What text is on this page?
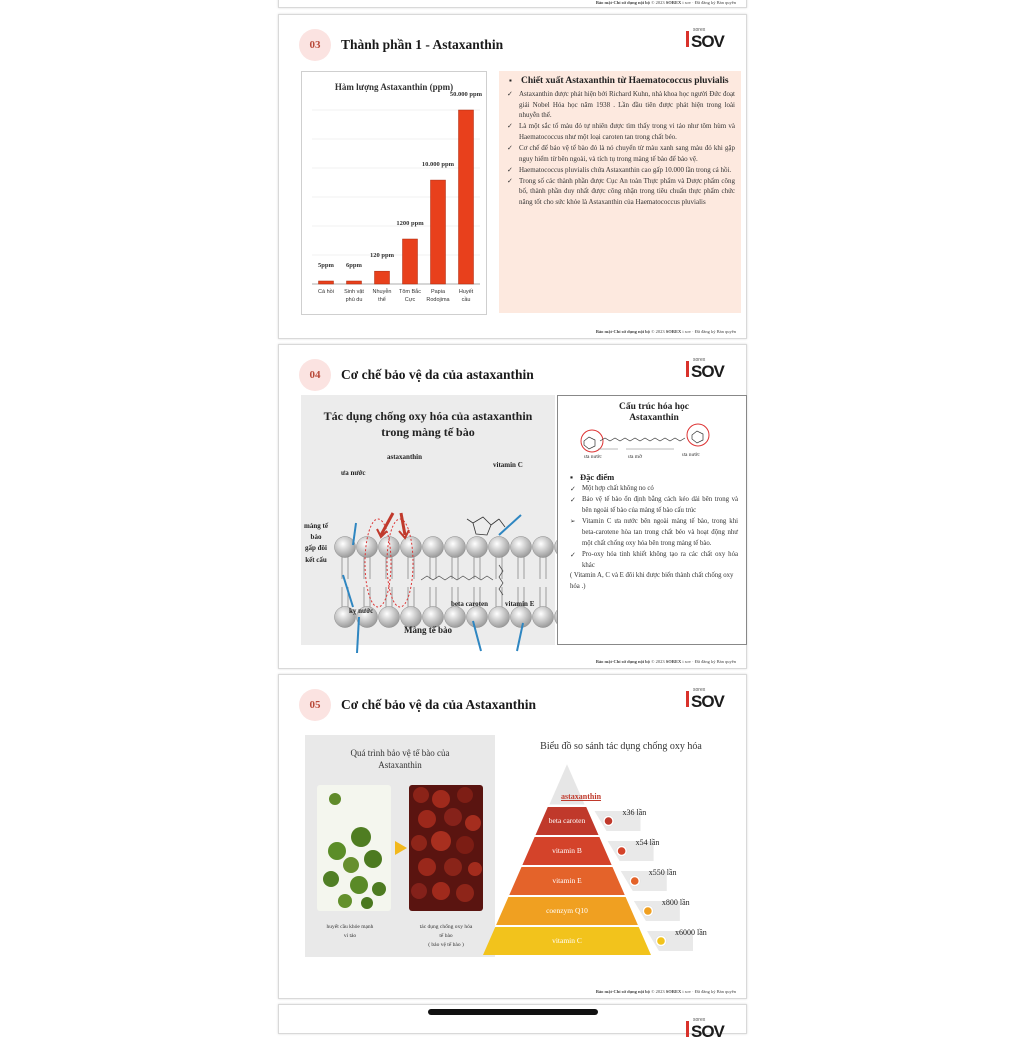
Bảo mật-Chỉ sử dụng nội bộ © 2023 SOREX i sov · Đã đăng ký Bản quyền
03	Thành phần 1 - Astaxanthin
sorex
SOV
Hàm lượng Astaxanthin (ppm)
5ppm
Cá hồi
6ppm
Sinh vật
phù du
120 ppm
Nhuyễn
thể
1200 ppm
Tôm Bắc
Cực
10.000 ppm
Papia
Rodojima
50.000 ppm
Huyết
cầu
▪ Chiết xuất Astaxanthin từ Haematococcus pluvialis
✓ Astaxanthin được phát hiện bởi Richard Kuhn, nhà khoa học người Đức đoạt giải Nobel Hóa học năm 1938 . Lần đầu tiên được phát hiện trong loài nhuyễn thể.
✓ Là một sắc tố màu đỏ tự nhiên được tìm thấy trong vi tảo như tôm hùm và Haematococcus như một loại caroten tan trong chất béo.
✓ Cơ chế để bảo vệ tế bào đỏ là nó chuyển từ màu xanh sang màu đỏ khi gặp nguy hiểm từ bên ngoài, và tích tụ trong màng tế bào để bảo vệ.
✓ Haematococcus pluvialis chứa Astaxanthin cao gấp 10.000 lần trong cá hồi.
✓ Trong số các thành phần được Cục An toàn Thực phẩm và Dược phẩm công bố, thành phần duy nhất được công nhận trong tiêu chuẩn thực phẩm chức năng tốt cho sức khỏe là Astaxanthin của Haematococcus pluvialis
Bảo mật-Chỉ sử dụng nội bộ © 2023 SOREX i sov · Đã đăng ký Bản quyền
04	Cơ chế bảo vệ da của astaxanthin
sorex
SOV
Tác dụng chống oxy hóa của astaxanthin
trong màng tế bào
astaxanthin
vitamin C
ưa nước
màng tế
bào
gấp đôi
kết cấu
kỵ nước
beta caroten vitamin E
Màng tế bào
Cấu trúc hóa học
Astaxanthin
ưa nước	ưa mỡ	ưa nước
▪ Đặc điểm
✓ Một hợp chất không no có
✓ Bảo vệ tế bào ổn định bằng cách kéo dài bên trong và bên ngoài tế bào của màng tế bào cấu trúc
➢ Vitamin C ưa nước bên ngoài màng tế bào, trong khi beta-carotene hòa tan trong chất béo và hoạt động như một chất chống oxy hóa bên trong màng tế bào.
✓ Pro-oxy hóa tinh khiết không tạo ra các chất oxy hóa khác
( Vitamin A, C và E đôi khi được biến thành chất chống oxy hóa .)
Bảo mật-Chỉ sử dụng nội bộ © 2023 SOREX i sov · Đã đăng ký Bản quyền
05	Cơ chế bảo vệ da của Astaxanthin
sorex
SOV
Quá trình bảo vệ tế bào của
Astaxanthin
huyết cầu khỏe mạnh
vi tảo
tác dụng chống oxy hóa
tế bào
( bảo vệ tế bào )
Biểu đồ so sánh tác dụng chống oxy hóa
astaxanthin
beta caroten
x36 lần
vitamin B
x54 lần
vitamin E
x550 lần
coenzym Q10
x800 lần
vitamin C
x6000 lần
Bảo mật-Chỉ sử dụng nội bộ © 2023 SOREX i sov · Đã đăng ký Bản quyền
sorex
SOV
